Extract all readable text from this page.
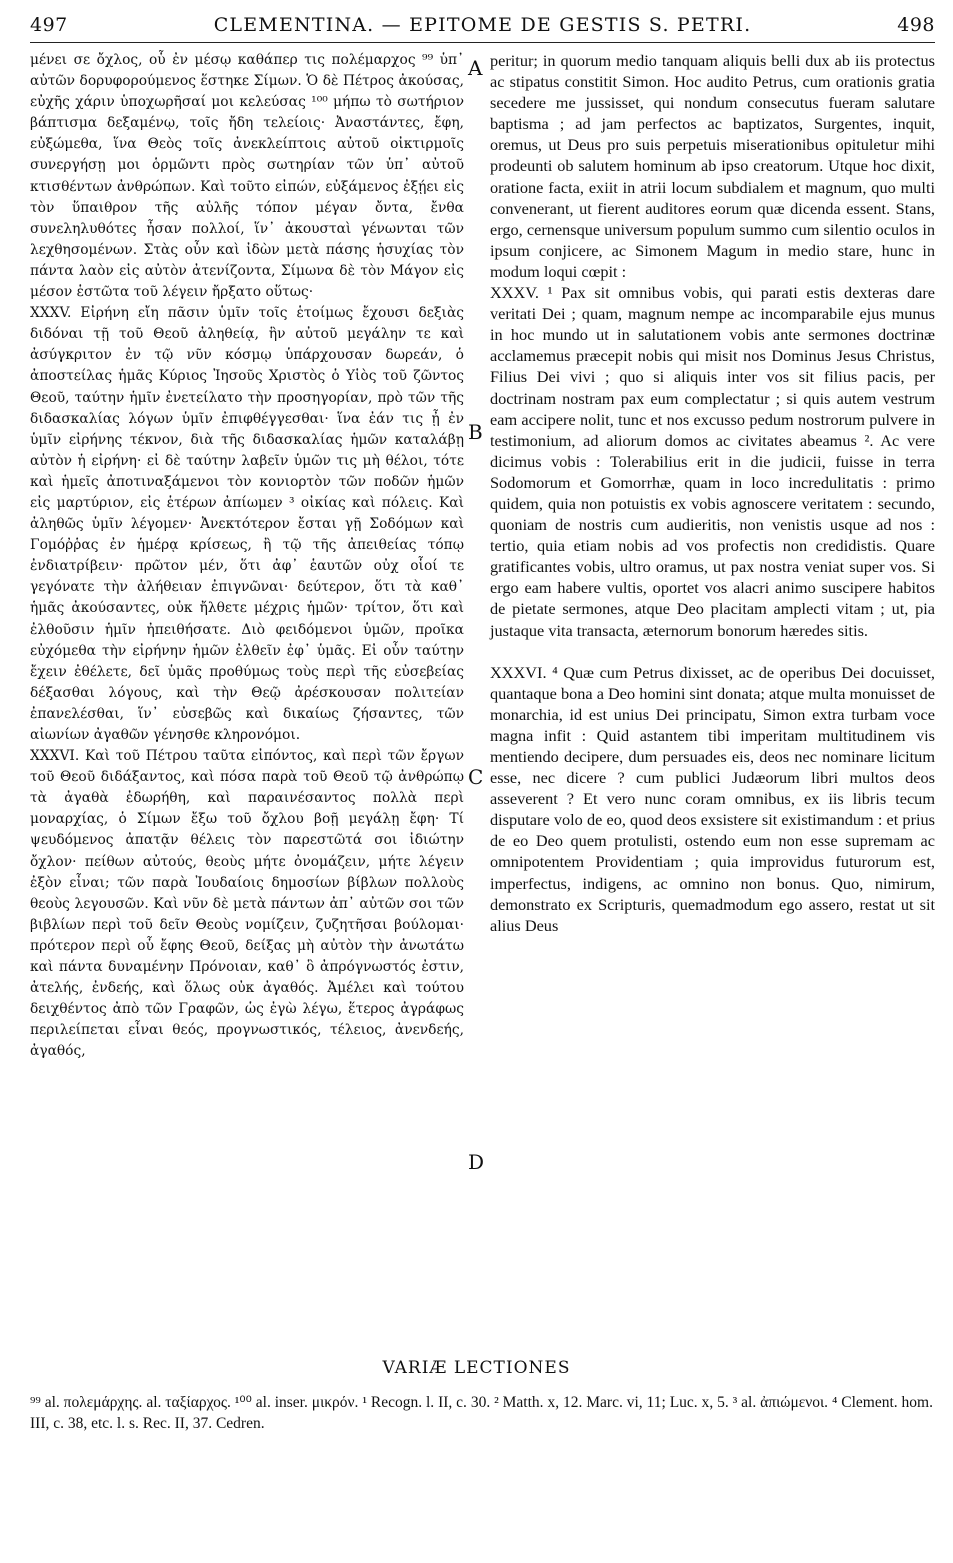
497	CLEMENTINA. — EPITOME DE GESTIS S. PETRI.	498

μένει σε ὄχλος, οὗ ἐν μέσῳ καθάπερ τις πολέμαρχος ⁹⁹ ὑπ᾿ αὐτῶν δορυφορούμενος ἕστηκε Σίμων. Ὁ δὲ Πέτρος ἀκούσας, εὐχῆς χάριν ὑποχωρῆσαί μοι κελεύσας ¹⁰⁰ μήπω τὸ σωτήριον βάπτισμα δεξαμένῳ, τοῖς ἤδη τελείοις· Ἀναστάντες, ἔφη, εὐξώμεθα, ἵνα Θεὸς τοῖς ἀνεκλείπτοις αὐτοῦ οἰκτιρμοῖς συνεργήσῃ μοι ὁρμῶντι πρὸς σωτηρίαν τῶν ὑπ᾿ αὐτοῦ κτισθέντων ἀνθρώπων. Καὶ τοῦτο εἰπών, εὐξάμενος ἐξῄει εἰς τὸν ὕπαιθρον τῆς αὐλῆς τόπον μέγαν ὄντα, ἔνθα συνεληλυθότες ἦσαν πολλοί, ἵν᾿ ἀκουσταὶ γένωνται τῶν λεχθησομένων. Στὰς οὖν καὶ ἰδὼν μετὰ πάσης ἡσυχίας τὸν πάντα λαὸν εἰς αὐτὸν ἀτενίζοντα, Σίμωνα δὲ τὸν Μάγον εἰς μέσον ἑστῶτα τοῦ λέγειν ἤρξατο οὕτως·

XXXV. Εἰρήνη εἴη πᾶσιν ὑμῖν τοῖς ἑτοίμως ἔχουσι δεξιὰς διδόναι τῇ τοῦ Θεοῦ ἀληθείᾳ, ἣν αὐτοῦ μεγάλην τε καὶ ἀσύγκριτον ἐν τῷ νῦν κόσμῳ ὑπάρχουσαν δωρεάν, ὁ ἀποστείλας ἡμᾶς Κύριος Ἰησοῦς Χριστὸς ὁ Υἱὸς τοῦ ζῶντος Θεοῦ, ταύτην ἡμῖν ἐνετείλατο τὴν προσηγορίαν, πρὸ τῶν τῆς διδασκαλίας λόγων ὑμῖν ἐπιφθέγγεσθαι· ἵνα ἐάν τις ᾖ ἐν ὑμῖν εἰρήνης τέκνον, διὰ τῆς διδασκαλίας ἡμῶν καταλάβῃ αὐτὸν ἡ εἰρήνη· εἰ δὲ ταύτην λαβεῖν ὑμῶν τις μὴ θέλοι, τότε καὶ ἡμεῖς ἀποτιναξάμενοι τὸν κονιορτὸν τῶν ποδῶν ἡμῶν εἰς μαρτύριον, εἰς ἑτέρων ἀπίωμεν ³ οἰκίας καὶ πόλεις. Καὶ ἀληθῶς ὑμῖν λέγομεν· Ἀνεκτότερον ἔσται γῇ Σοδόμων καὶ Γομόῤῥας ἐν ἡμέρᾳ κρίσεως, ἢ τῷ τῆς ἀπειθείας τόπῳ ἐνδιατρίβειν· πρῶτον μέν, ὅτι ἀφ᾿ ἑαυτῶν οὐχ οἷοί τε γεγόνατε τὴν ἀλήθειαν ἐπιγνῶναι· δεύτερον, ὅτι τὰ καθ᾿ ἡμᾶς ἀκούσαντες, οὐκ ἤλθετε μέχρις ἡμῶν· τρίτον, ὅτι καὶ ἐλθοῦσιν ἡμῖν ἠπειθήσατε. Διὸ φειδόμενοι ὑμῶν, προῖκα εὐχόμεθα τὴν εἰρήνην ἡμῶν ἐλθεῖν ἐφ᾿ ὑμᾶς. Εἰ οὖν ταύτην ἔχειν ἐθέλετε, δεῖ ὑμᾶς προθύμως τοὺς περὶ τῆς εὐσεβείας δέξασθαι λόγους, καὶ τὴν Θεῷ ἀρέσκουσαν πολιτείαν ἐπανελέσθαι, ἵν᾿ εὐσεβῶς καὶ δικαίως ζήσαντες, τῶν αἰωνίων ἀγαθῶν γένησθε κληρονόμοι.

XXXVI. Καὶ τοῦ Πέτρου ταῦτα εἰπόντος, καὶ περὶ τῶν ἔργων τοῦ Θεοῦ διδάξαντος, καὶ πόσα παρὰ τοῦ Θεοῦ τῷ ἀνθρώπῳ τὰ ἀγαθὰ ἐδωρήθη, καὶ παραινέσαντος πολλὰ περὶ μοναρχίας, ὁ Σίμων ἔξω τοῦ ὄχλου βοῇ μεγάλῃ ἔφη· Τί ψευδόμενος ἀπατᾷν θέλεις τὸν παρεστῶτά σοι ἰδιώτην ὄχλον· πείθων αὐτούς, θεοὺς μήτε ὀνομάζειν, μήτε λέγειν ἐξὸν εἶναι; τῶν παρὰ Ἰουδαίοις δημοσίων βίβλων πολλοὺς θεοὺς λεγουσῶν. Καὶ νῦν δὲ μετὰ πάντων ἀπ᾿ αὐτῶν σοι τῶν βιβλίων περὶ τοῦ δεῖν Θεοὺς νομίζειν, ζυζητῆσαι βούλομαι· πρότερον περὶ οὗ ἔφης Θεοῦ, δείξας μὴ αὐτὸν τὴν ἀνωτάτω καὶ πάντα δυναμένην Πρόνοιαν, καθ᾿ ὃ ἀπρόγνωστός ἐστιν, ἀτελής, ἐνδεής, καὶ ὅλως οὐκ ἀγαθός. Ἀμέλει καὶ τούτου δειχθέντος ἀπὸ τῶν Γραφῶν, ὡς ἐγὼ λέγω, ἕτερος ἀγράφως περιλείπεται εἶναι θεός, προγνωστικός, τέλειος, ἀνενδεής, ἀγαθός,

A
B
C
D

peritur; in quorum medio tanquam aliquis belli dux ab iis protectus ac stipatus constitit Simon. Hoc audito Petrus, cum orationis gratia secedere me jussisset, qui nondum consecutus fueram salutare baptisma ; ad jam perfectos ac baptizatos, Surgentes, inquit, oremus, ut Deus pro suis perpetuis miserationibus opituletur mihi prodeunti ob salutem hominum ab ipso creatorum. Utque hoc dixit, oratione facta, exiit in atrii locum subdialem et magnum, quo multi convenerant, ut fierent auditores eorum quæ dicenda essent. Stans, ergo, cernensque universum populum summo cum silentio oculos in ipsum conjicere, ac Simonem Magum in medio stare, hunc in modum loqui cœpit :

XXXV. ¹ Pax sit omnibus vobis, qui parati estis dexteras dare veritati Dei ; quam, magnum nempe ac incomparabile ejus munus in hoc mundo ut in salutationem vobis ante sermones doctrinæ acclamemus præcepit nobis qui misit nos Dominus Jesus Christus, Filius Dei vivi ; quo si aliquis inter vos sit filius pacis, per doctrinam nostram pax eum complectatur ; si quis autem vestrum eam accipere nolit, tunc et nos excusso pedum nostrorum pulvere in testimonium, ad aliorum domos ac civitates abeamus ². Ac vere dicimus vobis : Tolerabilius erit in die judicii, fuisse in terra Sodomorum et Gomorrhæ, quam in loco incredulitatis : primo quidem, quia non potuistis ex vobis agnoscere veritatem : secundo, quoniam de nostris cum audieritis, non venistis usque ad nos : tertio, quia etiam nobis ad vos profectis non credidistis. Quare gratificantes vobis, ultro oramus, ut pax nostra veniat super vos. Si ergo eam habere vultis, oportet vos alacri animo suscipere habitos de pietate sermones, atque Deo placitam amplecti vitam ; ut, pia justaque vita transacta, æternorum bonorum hæredes sitis.

XXXVI. ⁴ Quæ cum Petrus dixisset, ac de operibus Dei docuisset, quantaque bona a Deo homini sint donata; atque multa monuisset de monarchia, id est unius Dei principatu, Simon extra turbam voce magna infit : Quid astantem tibi imperitam multitudinem vis mentiendo decipere, dum persuades eis, deos nec nominare licitum esse, nec dicere ? cum publici Judæorum libri multos deos asseverent ? Et vero nunc coram omnibus, ex iis libris tecum disputare volo de eo, quod deos exsistere sit existimandum : et prius de eo Deo quem protulisti, ostendo eum non esse supremam ac omnipotentem Providentiam ; quia improvidus futurorum est, imperfectus, indigens, ac omnino non bonus. Quo, nimirum, demonstrato ex Scripturis, quemadmodum ego assero, restat ut sit alius Deus

VARIÆ LECTIONES
⁹⁹ al. πολεμάρχης. al. ταξίαρχος. ¹⁰⁰ al. inser. μικρόν. ¹ Recogn. l. II, c. 30. ² Matth. x, 12. Marc. vi, 11; Luc. x, 5. ³ al. ἀπιώμενοι. ⁴ Clement. hom. III, c. 38, etc. l. s. Rec. II, 37. Cedren.
